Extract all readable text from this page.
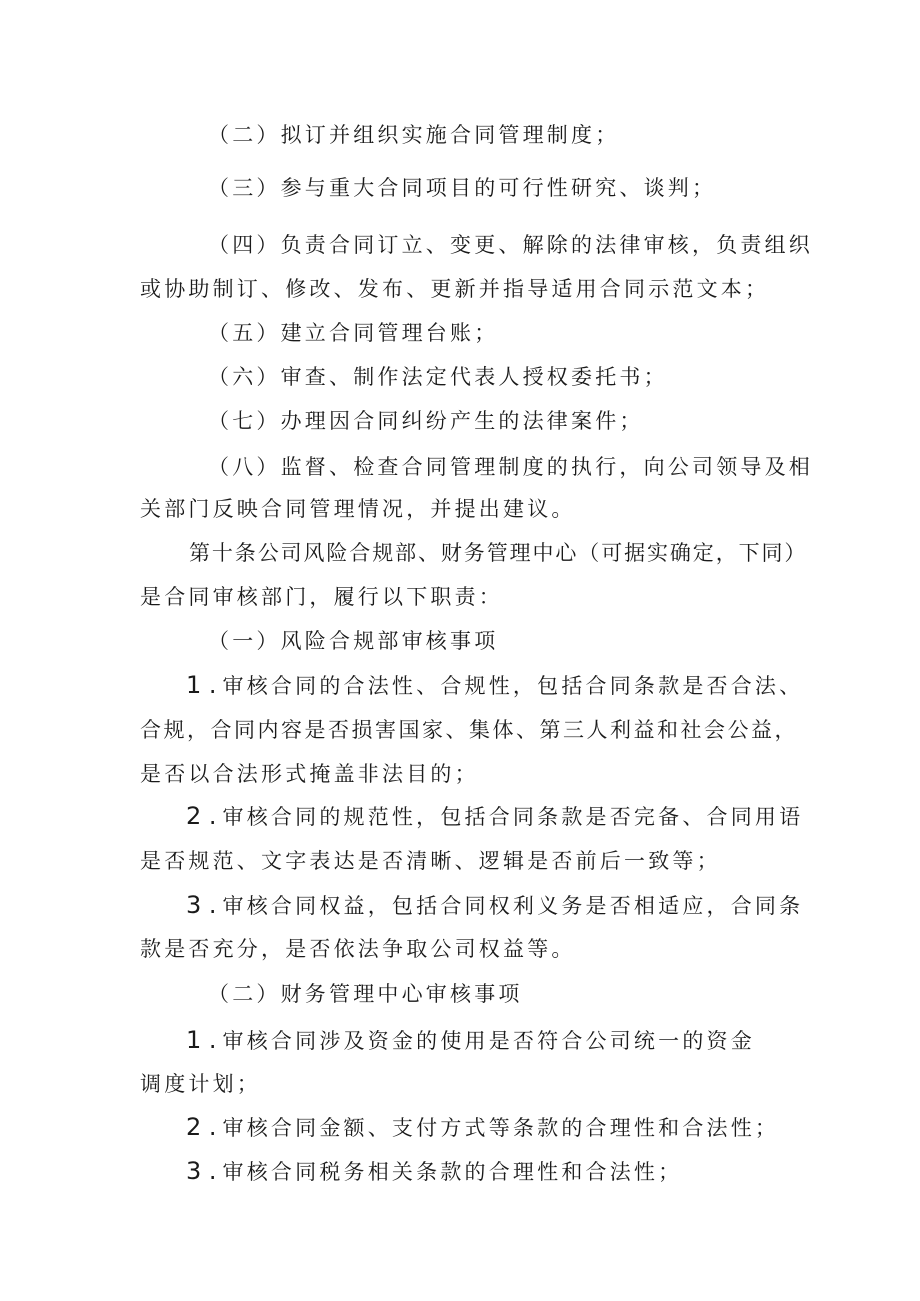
（二）拟订并组织实施合同管理制度；
（三）参与重大合同项目的可行性研究、谈判；
（四）负责合同订立、变更、解除的法律审核，负责组织
或协助制订、修改、发布、更新并指导适用合同示范文本；
（五）建立合同管理台账；
（六）审查、制作法定代表人授权委托书；
（七）办理因合同纠纷产生的法律案件；
（八）监督、检查合同管理制度的执行，向公司领导及相
关部门反映合同管理情况，并提出建议。
第十条公司风险合规部、财务管理中心（可据实确定，下同）
是合同审核部门，履行以下职责：
（一）风险合规部审核事项
1 . 审核合同的合法性、合规性，包括合同条款是否合法、
合规，合同内容是否损害国家、集体、第三人利益和社会公益，
是否以合法形式掩盖非法目的；
2 . 审核合同的规范性，包括合同条款是否完备、合同用语
是否规范、文字表达是否清晰、逻辑是否前后一致等；
3 . 审核合同权益，包括合同权利义务是否相适应，合同条
款是否充分，是否依法争取公司权益等。
（二）财务管理中心审核事项
1 . 审核合同涉及资金的使用是否符合公司统一的资金
调度计划；
2 . 审核合同金额、支付方式等条款的合理性和合法性；
3 . 审核合同税务相关条款的合理性和合法性；
